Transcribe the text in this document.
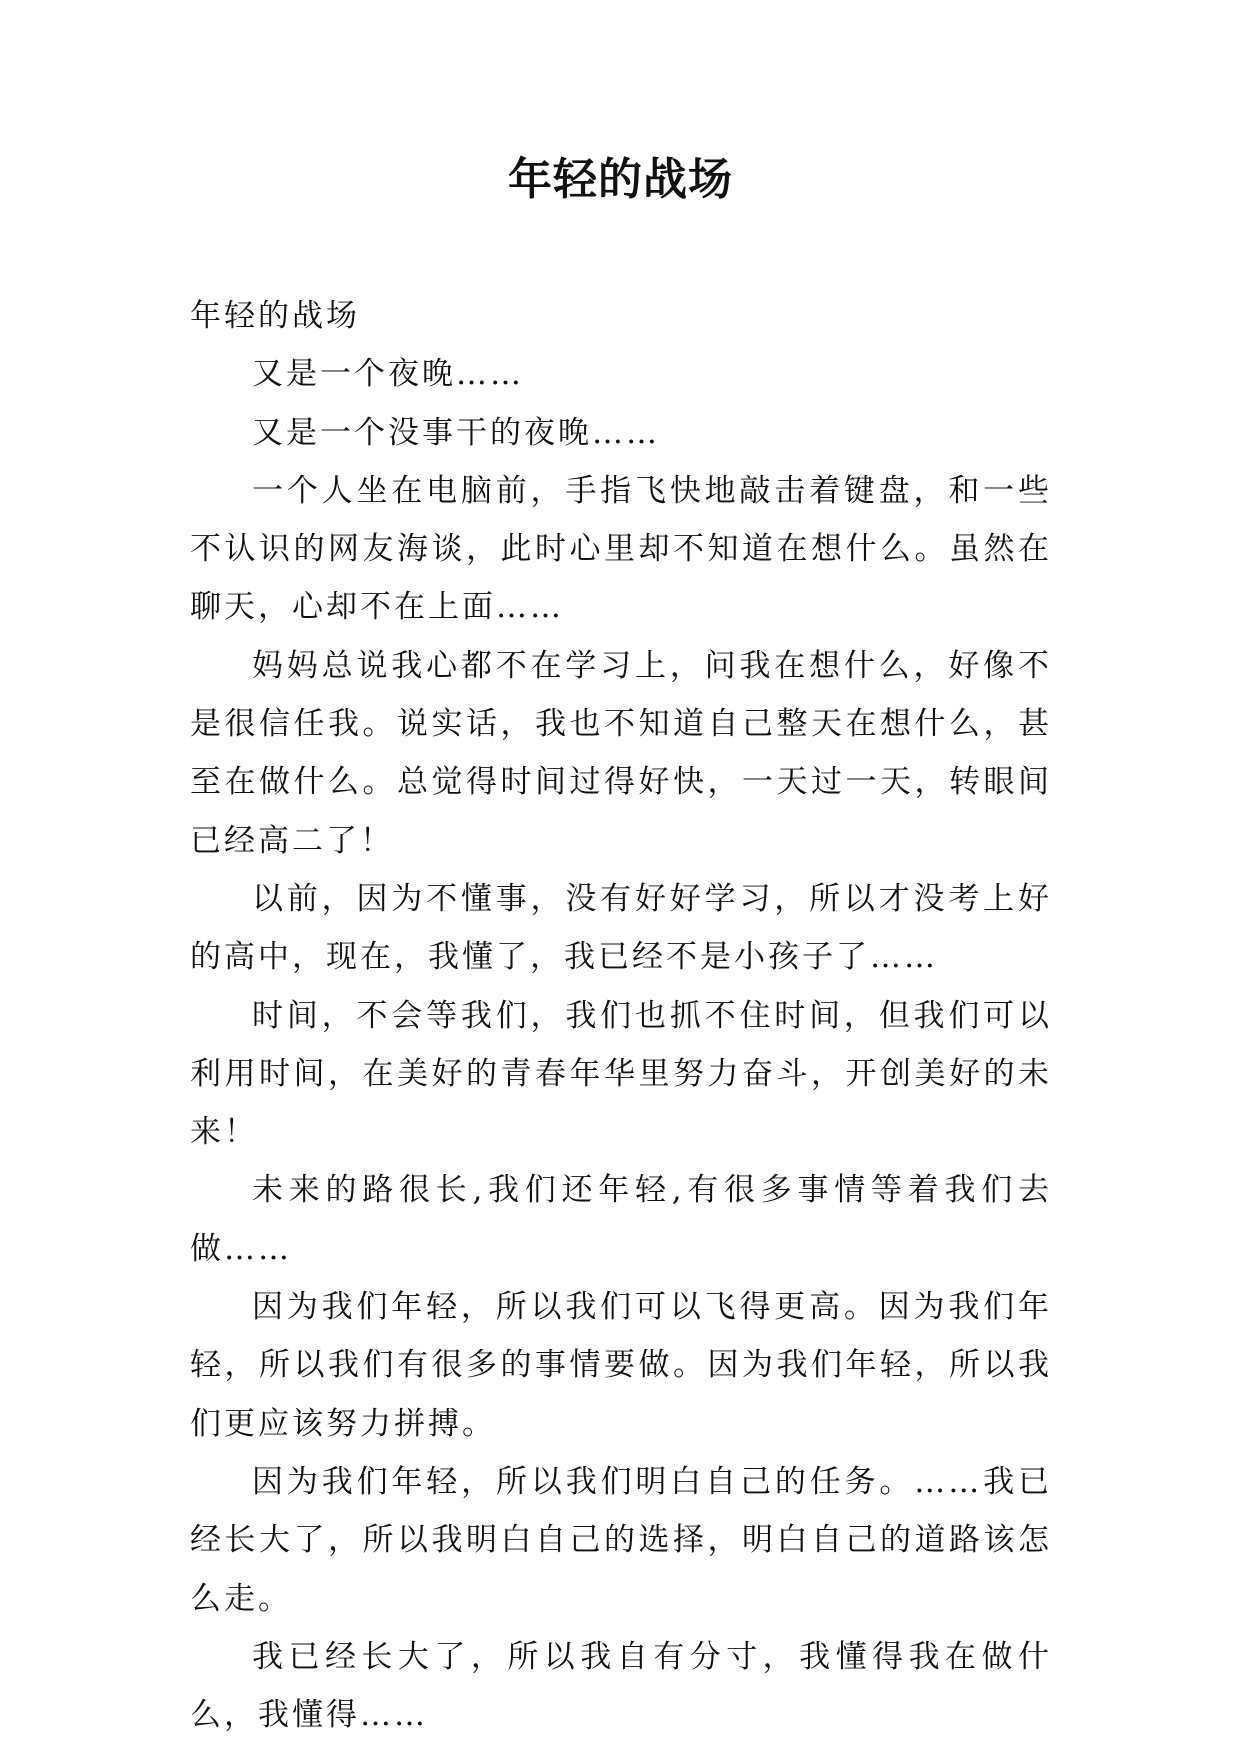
年轻的战场

年轻的战场

又是一个夜晚……

又是一个没事干的夜晚……

一个人坐在电脑前，手指飞快地敲击着键盘，和一些不认识的网友海谈，此时心里却不知道在想什么。虽然在聊天，心却不在上面……

妈妈总说我心都不在学习上，问我在想什么，好像不是很信任我。说实话，我也不知道自己整天在想什么，甚至在做什么。总觉得时间过得好快，一天过一天，转眼间已经高二了！

以前，因为不懂事，没有好好学习，所以才没考上好的高中，现在，我懂了，我已经不是小孩子了……

时间，不会等我们，我们也抓不住时间，但我们可以利用时间，在美好的青春年华里努力奋斗，开创美好的未来！

未来的路很长,我们还年轻,有很多事情等着我们去做……

因为我们年轻，所以我们可以飞得更高。因为我们年轻，所以我们有很多的事情要做。因为我们年轻，所以我们更应该努力拼搏。

因为我们年轻，所以我们明白自己的任务。……我已经长大了，所以我明白自己的选择，明白自己的道路该怎么走。

我已经长大了，所以我自有分寸，我懂得我在做什么，我懂得……
